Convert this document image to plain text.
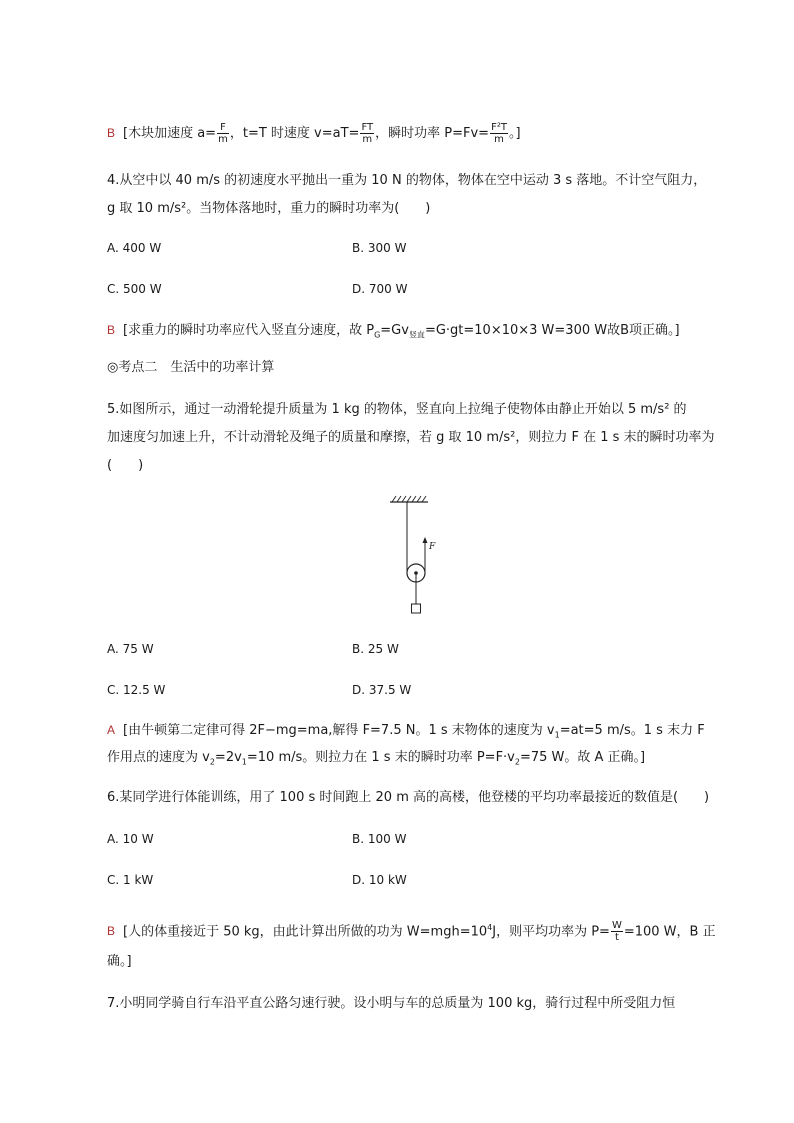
B [木块加速度 $a= \frac{F}{m}$ ，t=T 时速度 $v=aT= \frac{FT}{m}$ ，瞬时功率 $P=Fv= \frac{\text{F²T}}{m}$ 。]
4.从空中以 40 m/s 的初速度水平抛出一重为 10 N 的物体，物体在空中运动 3 s 落地。不计空气阻力，
g 取 10 m/s²。当物体落地时，重力的瞬时功率为(　　)
A. 400 W	B. 300 W
C. 500 W	D. 700 W
B [求重力的瞬时功率应代入竖直分速度，故 $P_G=Gv_{竖直}=G\cdot gt=10\times 10\times 3$ W=300 W故B项正确。]
◎考点二　生活中的功率计算
5.如图所示，通过一动滑轮提升质量为 1 kg 的物体，竖直向上拉绳子使物体由静止开始以 5 m/s² 的
加速度匀加速上升，不计动滑轮及绳子的质量和摩擦，若 g 取 10 m/s²，则拉力 F 在 1 s 末的瞬时功率为
(　　)
F
A. 75 W	B. 25 W
C. 12.5 W	D. 37.5 W
A [由牛顿第二定律可得 2F−mg=ma,解得 F=7.5 N。1 s 末物体的速度为 $v_1=at=5$ m/s。1 s 末力 F
作用点的速度为 $v_2=2v_1=10$ m/s。则拉力在 1 s 末的瞬时功率 $P=F\cdot v_2=75$ W。故 A 正确。]
6.某同学进行体能训练，用了 100 s 时间跑上 20 m 高的高楼，他登楼的平均功率最接近的数值是(　　)
A. 10 W	B. 100 W
C. 1 kW	D. 10 kW
B [人的体重接近于 50 kg，由此计算出所做的功为 $W=mgh=10^4J$，则平均功率为 $P= \frac{W}{t} =100$ W，B 正
确。]
7.小明同学骑自行车沿平直公路匀速行驶。设小明与车的总质量为 100 kg，骑行过程中所受阻力恒
